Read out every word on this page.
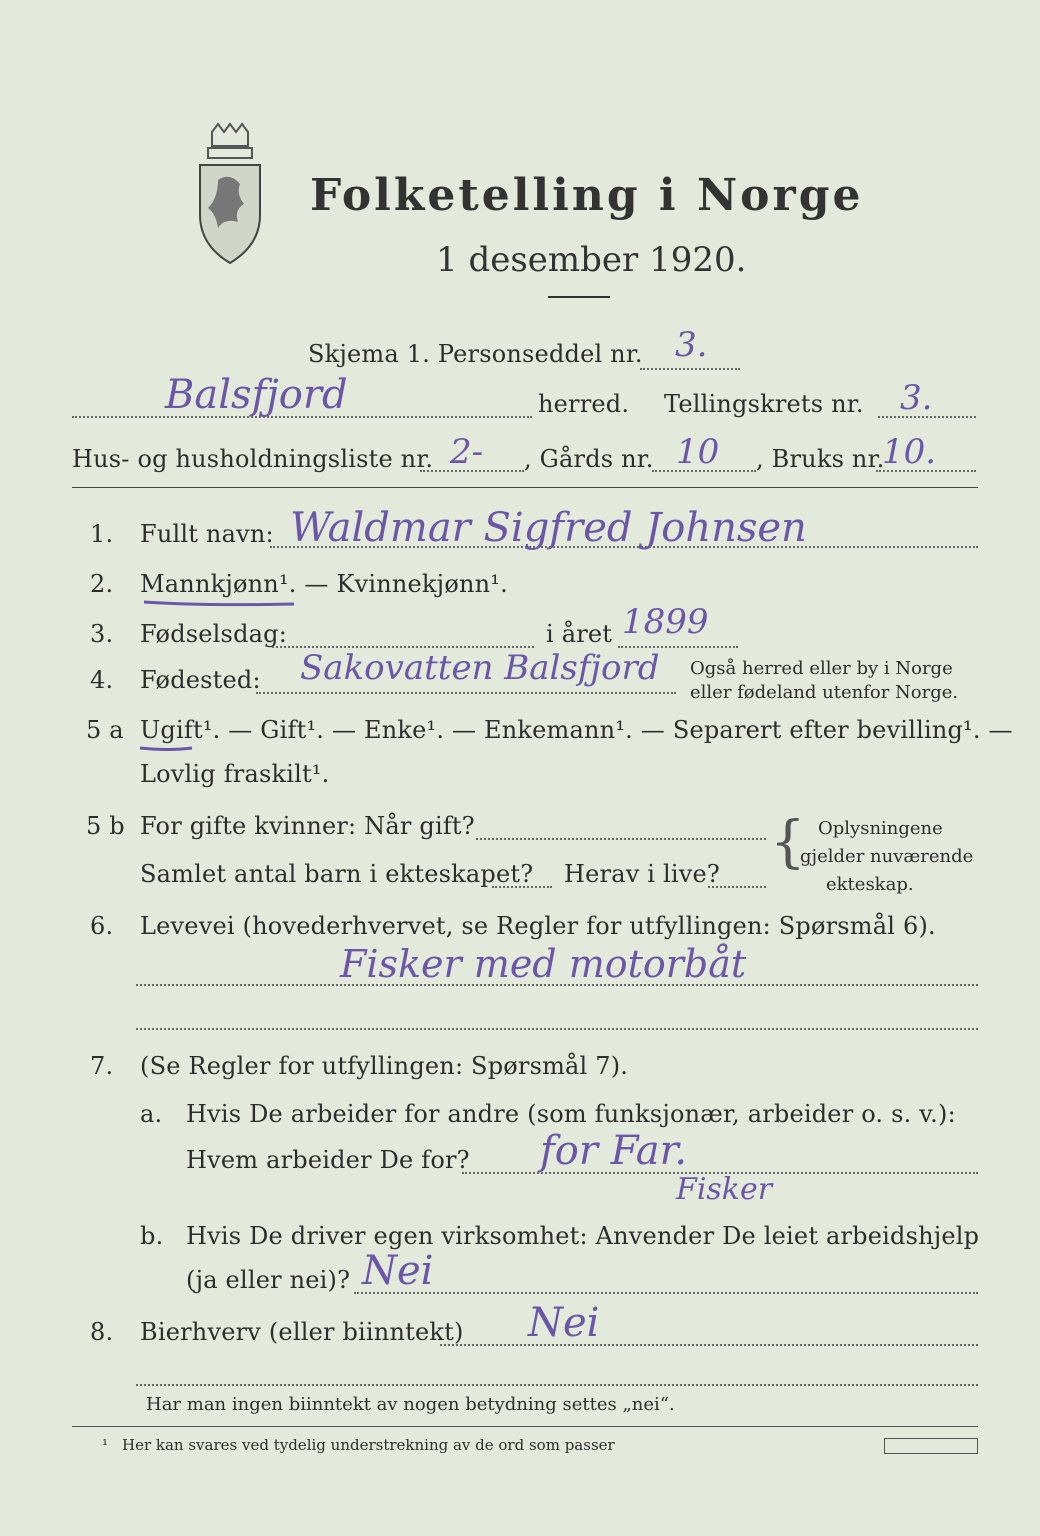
Folketelling i Norge
1 desember 1920.
Skjema 1. Personseddel nr. 3.
Balsfjord	herred. Tellingskrets nr. 3.
Hus- og husholdningsliste nr. 2- , Gårds nr. 10 , Bruks nr.
10.
1. Fullt navn: Waldmar Sigfred Johnsen
2. Mannkjønn¹. — Kvinnekjønn¹.
3. Fødselsdag:	i året 1899
4. Fødested: Sakovatten Balsfjord Også herred eller by i Norge
eller fødeland utenfor Norge.
5 a Ugift¹. — Gift¹. — Enke¹. — Enkemann¹. — Separert efter bevilling¹. —
Lovlig fraskilt¹.
5 b For gifte kvinner: Når gift?
Samlet antal barn i ekteskapet? Herav i live? { Oplysningene
gjelder nuværende
ekteskap.
6. Levevei (hovederhvervet, se Regler for utfyllingen: Spørsmål 6).
Fisker med motorbåt
7. (Se Regler for utfyllingen: Spørsmål 7).
a. Hvis De arbeider for andre (som funksjonær, arbeider o. s. v.):
Hvem arbeider De for? for Far.
Fisker
b. Hvis De driver egen virksomhet: Anvender De leiet arbeidshjelp
(ja eller nei)? Nei
8. Bierhverv (eller biinntekt) Nei
Har man ingen biinntekt av nogen betydning settes „nei“.
¹ Her kan svares ved tydelig understrekning av de ord som passer
